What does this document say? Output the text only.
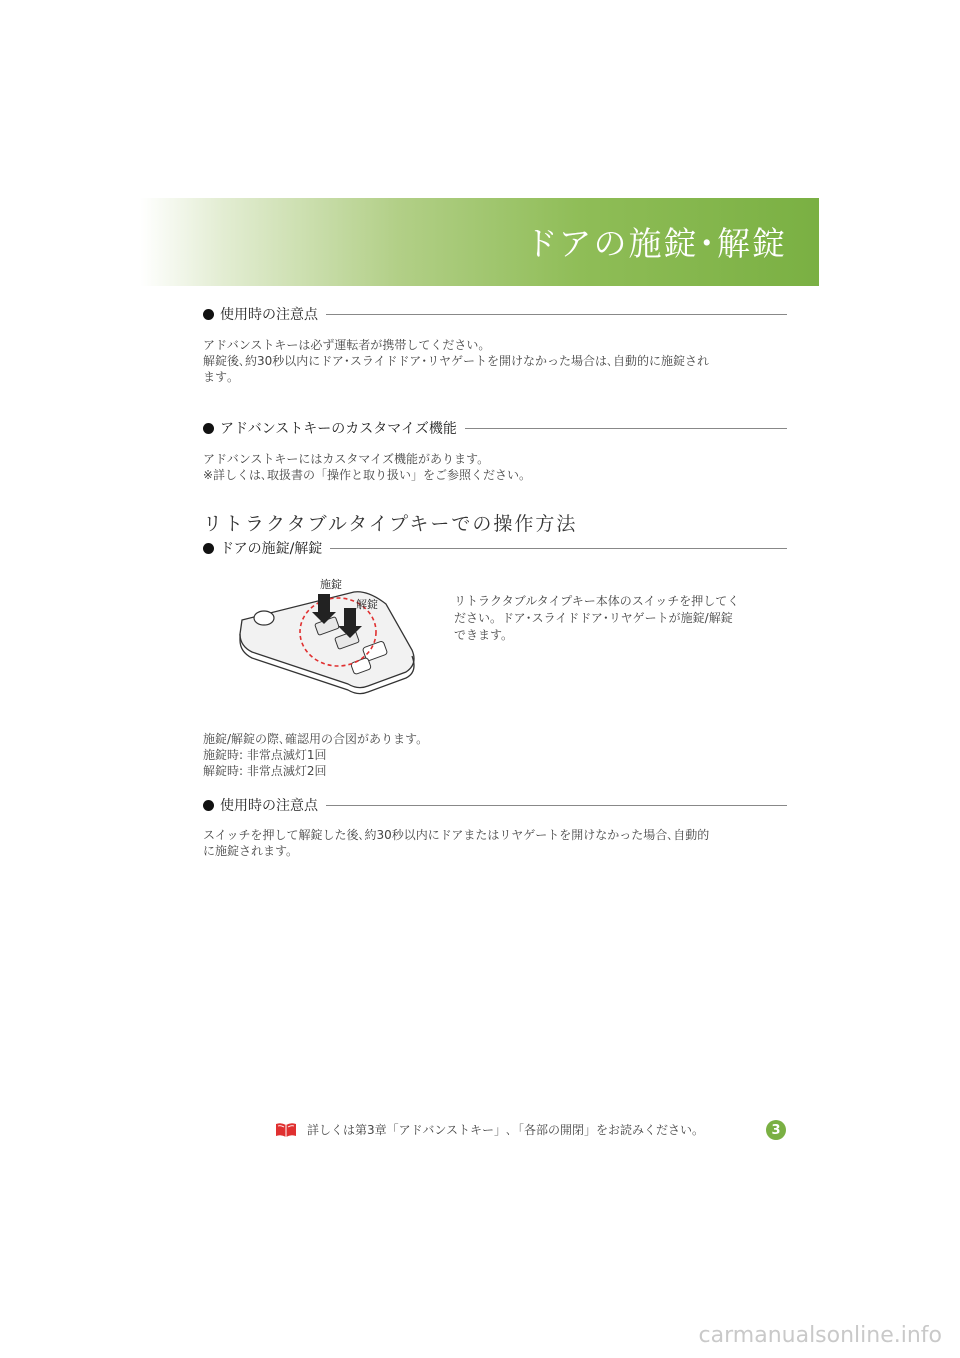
ドアの施錠･解錠
使用時の注意点
アドバンストキーは必ず運転者が携帯してください。
解錠後､約30秒以内にドア･スライドドア･リヤゲートを開けなかった場合は､自動的に施錠され
ます｡
アドバンストキーのカスタマイズ機能
アドバンストキーにはカスタマイズ機能があります。
※詳しくは､取扱書の「操作と取り扱い」をご参照ください｡
リトラクタブルタイプキーでの操作方法
ドアの施錠/解錠
施錠
解錠	リトラクタブルタイプキー本体のスイッチを押してく
ださい。ドア･スライドドア･リヤゲートが施錠/解錠
できます。
施錠/解錠の際､確認用の合図があります。
施錠時: 非常点滅灯1回
解錠時: 非常点滅灯2回
使用時の注意点
スイッチを押して解錠した後､約30秒以内にドアまたはリヤゲートを開けなかった場合､自動的
に施錠されます。
詳しくは第3章「アドバンストキー」､「各部の開閉」をお読みください。	3
carmanualsonline.info
